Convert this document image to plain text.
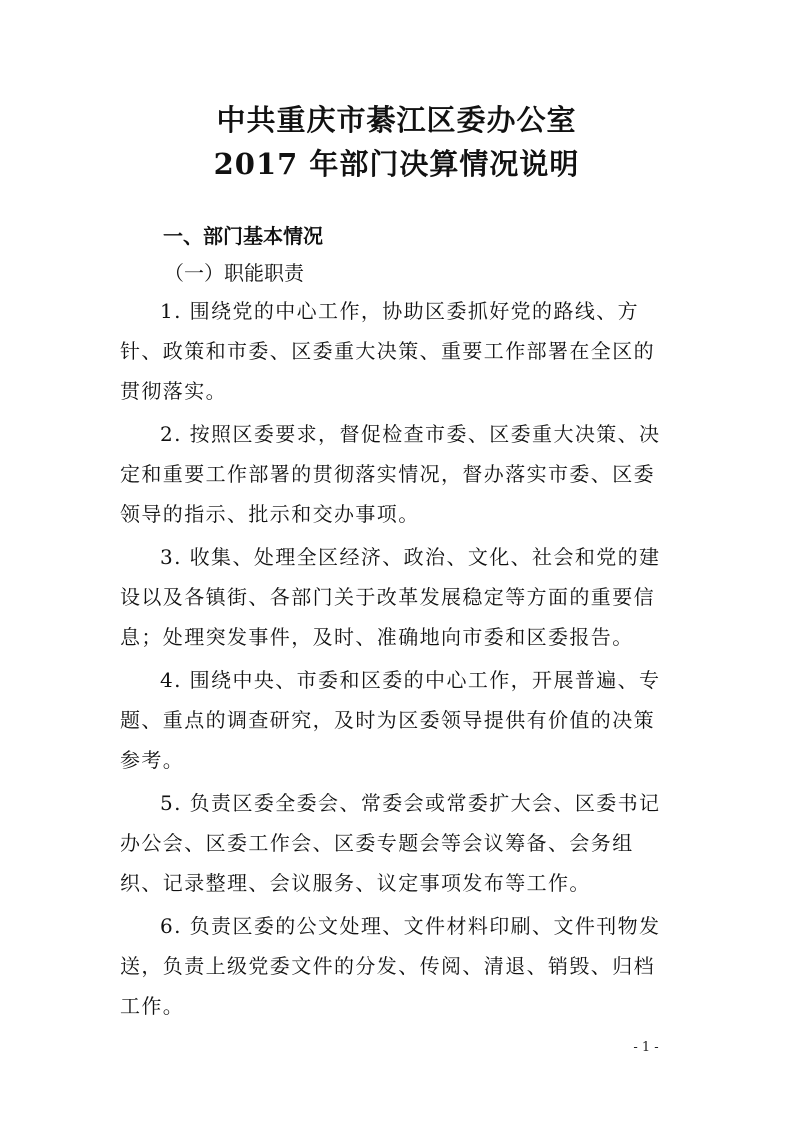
中共重庆市綦江区委办公室
2017 年部门决算情况说明
一、部门基本情况
（一）职能职责
1. 围绕党的中心工作，协助区委抓好党的路线、方
针、政策和市委、区委重大决策、重要工作部署在全区的
贯彻落实。
2. 按照区委要求，督促检查市委、区委重大决策、决
定和重要工作部署的贯彻落实情况，督办落实市委、区委
领导的指示、批示和交办事项。
3. 收集、处理全区经济、政治、文化、社会和党的建
设以及各镇街、各部门关于改革发展稳定等方面的重要信
息；处理突发事件，及时、准确地向市委和区委报告。
4. 围绕中央、市委和区委的中心工作，开展普遍、专
题、重点的调查研究，及时为区委领导提供有价值的决策
参考。
5. 负责区委全委会、常委会或常委扩大会、区委书记
办公会、区委工作会、区委专题会等会议筹备、会务组
织、记录整理、会议服务、议定事项发布等工作。
6. 负责区委的公文处理、文件材料印刷、文件刊物发
送，负责上级党委文件的分发、传阅、清退、销毁、归档
工作。
- 1 -
